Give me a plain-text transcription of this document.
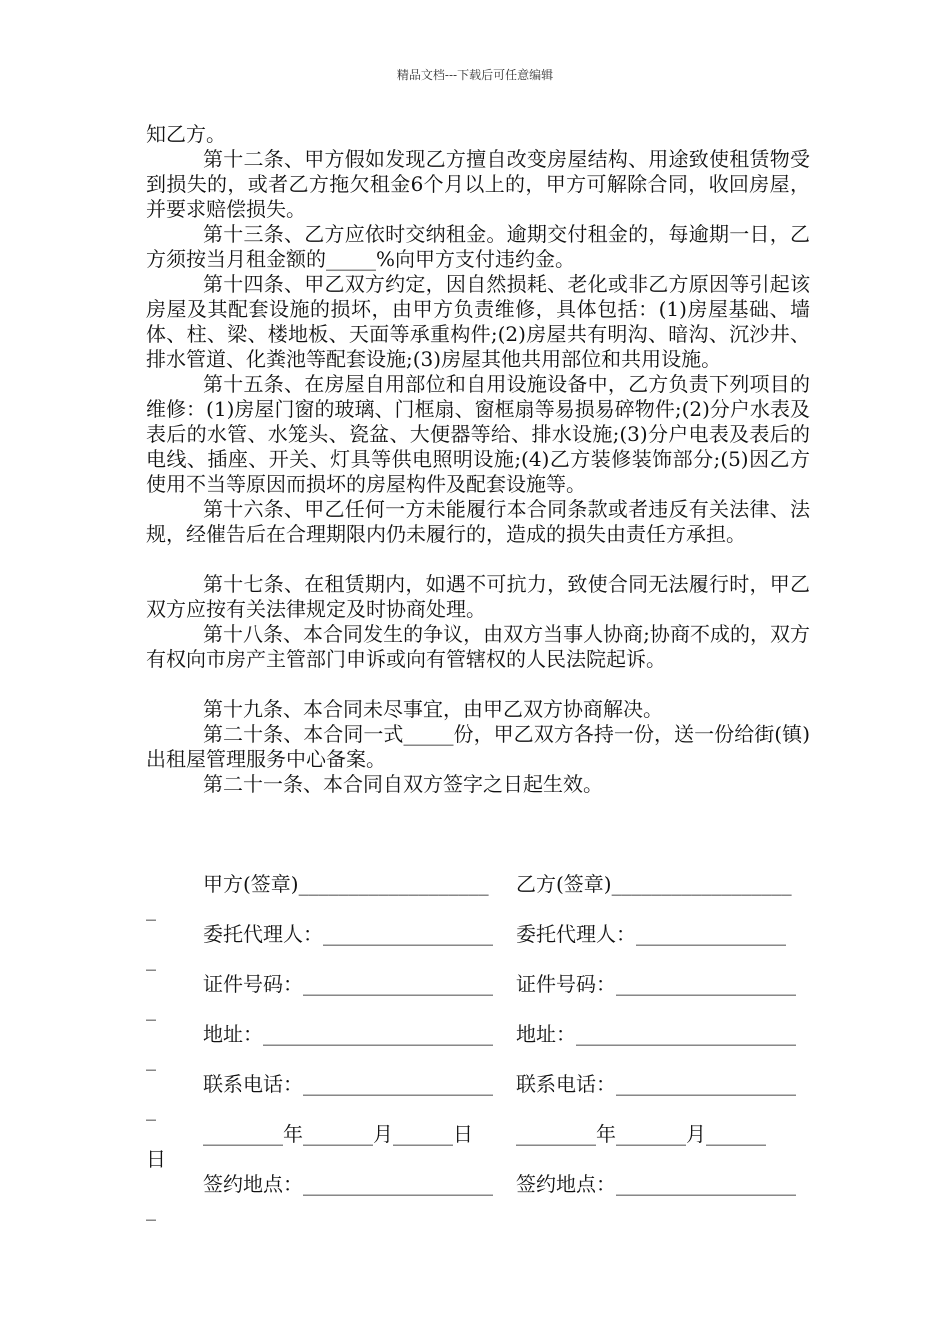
精品文档---下载后可任意编辑

知乙方。

第十二条、甲方假如发现乙方擅自改变房屋结构、用途致使租赁物受到损失的，或者乙方拖欠租金6个月以上的，甲方可解除合同，收回房屋，并要求赔偿损失。

第十三条、乙方应依时交纳租金。逾期交付租金的，每逾期一日，乙方须按当月租金额的_____%向甲方支付违约金。

第十四条、甲乙双方约定，因自然损耗、老化或非乙方原因等引起该房屋及其配套设施的损坏，由甲方负责维修，具体包括：(1)房屋基础、墙体、柱、梁、楼地板、天面等承重构件;(2)房屋共有明沟、暗沟、沉沙井、排水管道、化粪池等配套设施;(3)房屋其他共用部位和共用设施。

第十五条、在房屋自用部位和自用设施设备中，乙方负责下列项目的维修：(1)房屋门窗的玻璃、门框扇、窗框扇等易损易碎物件;(2)分户水表及表后的水管、水笼头、瓷盆、大便器等给、排水设施;(3)分户电表及表后的电线、插座、开关、灯具等供电照明设施;(4)乙方装修装饰部分;(5)因乙方使用不当等原因而损坏的房屋构件及配套设施等。

第十六条、甲乙任何一方未能履行本合同条款或者违反有关法律、法规，经催告后在合理期限内仍未履行的，造成的损失由责任方承担。

第十七条、在租赁期内，如遇不可抗力，致使合同无法履行时，甲乙双方应按有关法律规定及时协商处理。

第十八条、本合同发生的争议，由双方当事人协商;协商不成的，双方有权向市房产主管部门申诉或向有管辖权的人民法院起诉。

第十九条、本合同未尽事宜，由甲乙双方协商解决。

第二十条、本合同一式_____份，甲乙双方各持一份，送一份给街(镇)出租屋管理服务中心备案。

第二十一条、本合同自双方签字之日起生效。

甲方(签章)___________________ 乙方(签章)__________________
_
委托代理人：_________________ 委托代理人：_______________
_
证件号码：___________________ 证件号码：__________________
_
地址：_______________________ 地址：______________________
_
联系电话：___________________ 联系电话：__________________
_
________年_______月______日 ________年_______月______
日
签约地点：___________________ 签约地点：__________________
_
